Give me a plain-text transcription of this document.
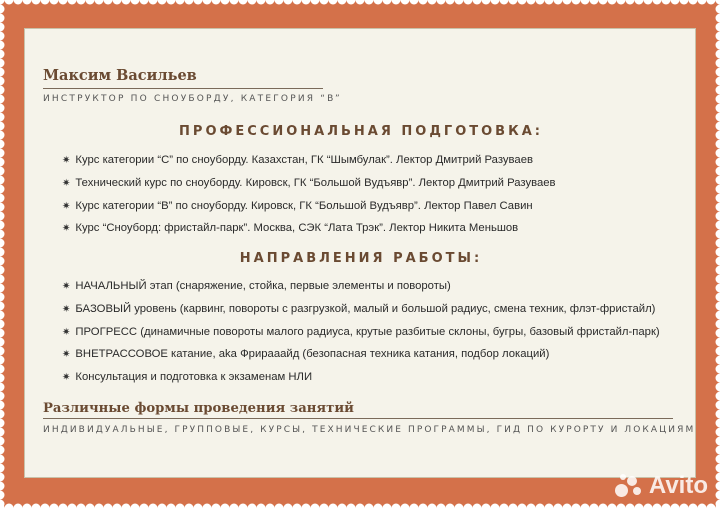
Максим Васильев
ИНСТРУКТОР ПО СНОУБОРДУ, КАТЕГОРИЯ “B”
ПРОФЕССИОНАЛЬНАЯ ПОДГОТОВКА:
✷ Курс категории “С” по сноуборду. Казахстан, ГК “Шымбулак”. Лектор Дмитрий Разуваев
✷ Технический курс по сноуборду. Кировск, ГК “Большой Вудъявр”. Лектор Дмитрий Разуваев
✷ Курс категории “В” по сноуборду. Кировск, ГК “Большой Вудъявр”. Лектор Павел Савин
✷ Курс “Сноуборд: фристайл-парк”. Москва, СЭК “Лата Трэк”. Лектор Никита Меньшов
НАПРАВЛЕНИЯ РАБОТЫ:
✷ НАЧАЛЬНЫЙ этап (снаряжение, стойка, первые элементы и повороты)
✷ БАЗОВЫЙ уровень (карвинг, повороты с разгрузкой, малый и большой радиус, смена техник, флэт-фристайл)
✷ ПРОГРЕСС (динамичные повороты малого радиуса, крутые разбитые склоны, бугры, базовый фристайл-парк)
✷ ВНЕТРАССОВОЕ катание, aka Фрирааайд (безопасная техника катания, подбор локаций)
✷ Консультация и подготовка к экзаменам НЛИ
Различные формы проведения занятий
ИНДИВИДУАЛЬНЫЕ, ГРУППОВЫЕ, КУРСЫ, ТЕХНИЧЕСКИЕ ПРОГРАММЫ, ГИД ПО КУРОРТУ И ЛОКАЦИЯМ
Avito
